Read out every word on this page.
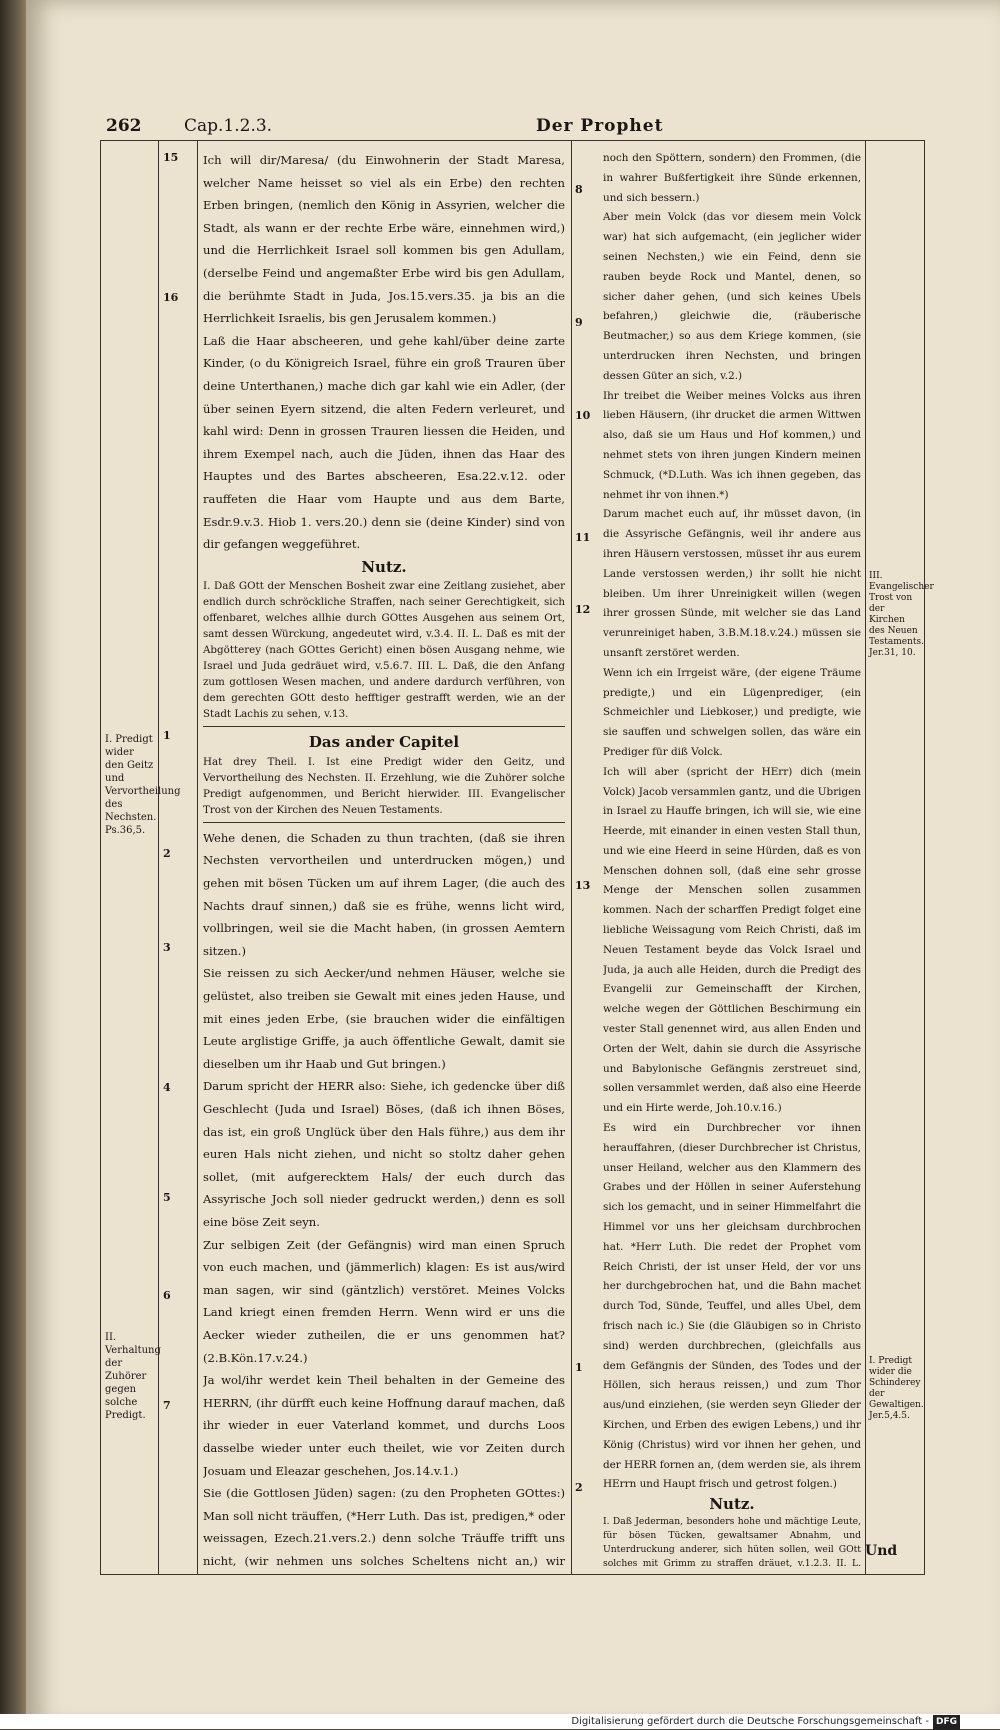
262	Cap.1.2.3.	Der Prophet
I. Predigt wider den Geitz und Vervortheilung des Nechsten. Ps.36,5.
II. Verhaltung der Zuhörer gegen solche Predigt.
III. Evangelischer Trost von der Kirchen des Neuen Testaments. Jer.31, 10.
I. Predigt wider die Schinderey der Gewaltigen. Jer.5,4.5.
15
16
1
2
3
4
5
6
7
8
9
10
11
12
13
1
2

Ich will dir/Maresa/ (du Einwohnerin der Stadt Maresa, welcher Name heisset so viel als ein Erbe) den rechten Erben bringen, (nemlich den König in Assyrien, welcher die Stadt, als wann er der rechte Erbe wäre, einnehmen wird,) und die Herrlichkeit Israel soll kommen bis gen Adullam, (derselbe Feind und angemaßter Erbe wird bis gen Adullam, die berühmte Stadt in Juda, Jos.15.vers.35. ja bis an die Herrlichkeit Israelis, bis gen Jerusalem kommen.)

Laß die Haar abscheeren, und gehe kahl/über deine zarte Kinder, (o du Königreich Israel, führe ein groß Trauren über deine Unterthanen,) mache dich gar kahl wie ein Adler, (der über seinen Eyern sitzend, die alten Federn verleuret, und kahl wird: Denn in grossen Trauren liessen die Heiden, und ihrem Exempel nach, auch die Jüden, ihnen das Haar des Hauptes und des Bartes abscheeren, Esa.22.v.12. oder rauffeten die Haar vom Haupte und aus dem Barte, Esdr.9.v.3. Hiob 1. vers.20.) denn sie (deine Kinder) sind von dir gefangen weggeführet.

Nutz.

I. Daß GOtt der Menschen Bosheit zwar eine Zeitlang zusiehet, aber endlich durch schröckliche Straffen, nach seiner Gerechtigkeit, sich offenbaret, welches allhie durch GOttes Ausgehen aus seinem Ort, samt dessen Würckung, angedeutet wird, v.3.4. II. L. Daß es mit der Abgötterey (nach GOttes Gericht) einen bösen Ausgang nehme, wie Israel und Juda gedräuet wird, v.5.6.7. III. L. Daß, die den Anfang zum gottlosen Wesen machen, und andere dardurch verführen, von dem gerechten GOtt desto hefftiger gestrafft werden, wie an der Stadt Lachis zu sehen, v.13.

Das ander Capitel

Hat drey Theil. I. Ist eine Predigt wider den Geitz, und Vervortheilung des Nechsten. II. Erzehlung, wie die Zuhörer solche Predigt aufgenommen, und Bericht hierwider. III. Evangelischer Trost von der Kirchen des Neuen Testaments.

Wehe denen, die Schaden zu thun trachten, (daß sie ihren Nechsten vervortheilen und unterdrucken mögen,) und gehen mit bösen Tücken um auf ihrem Lager, (die auch des Nachts drauf sinnen,) daß sie es frühe, wenns licht wird, vollbringen, weil sie die Macht haben, (in grossen Aemtern sitzen.)

Sie reissen zu sich Aecker/und nehmen Häuser, welche sie gelüstet, also treiben sie Gewalt mit eines jeden Hause, und mit eines jeden Erbe, (sie brauchen wider die einfältigen Leute arglistige Griffe, ja auch öffentliche Gewalt, damit sie dieselben um ihr Haab und Gut bringen.)

Darum spricht der HERR also: Siehe, ich gedencke über diß Geschlecht (Juda und Israel) Böses, (daß ich ihnen Böses, das ist, ein groß Unglück über den Hals führe,) aus dem ihr euren Hals nicht ziehen, und nicht so stoltz daher gehen sollet, (mit aufgerecktem Hals/ der euch durch das Assyrische Joch soll nieder gedruckt werden,) denn es soll eine böse Zeit seyn.

Zur selbigen Zeit (der Gefängnis) wird man einen Spruch von euch machen, und (jämmerlich) klagen: Es ist aus/wird man sagen, wir sind (gäntzlich) verstöret. Meines Volcks Land kriegt einen fremden Herrn. Wenn wird er uns die Aecker wieder zutheilen, die er uns genommen hat? (2.B.Kön.17.v.24.)

Ja wol/ihr werdet kein Theil behalten in der Gemeine des HERRN, (ihr dürfft euch keine Hoffnung darauf machen, daß ihr wieder in euer Vaterland kommet, und durchs Loos dasselbe wieder unter euch theilet, wie vor Zeiten durch Josuam und Eleazar geschehen, Jos.14.v.1.)

Sie (die Gottlosen Jüden) sagen: (zu den Propheten GOttes:) Man soll nicht träuffen, (*Herr Luth. Das ist, predigen,* oder weissagen, Ezech.21.vers.2.) denn solche Träuffe trifft uns nicht, (wir nehmen uns solches Scheltens nicht an,) wir

noch den Spöttern, sondern) den Frommen, (die in wahrer Bußfertigkeit ihre Sünde erkennen, und sich bessern.)

Aber mein Volck (das vor diesem mein Volck war) hat sich aufgemacht, (ein jeglicher wider seinen Nechsten,) wie ein Feind, denn sie rauben beyde Rock und Mantel, denen, so sicher daher gehen, (und sich keines Ubels befahren,) gleichwie die, (räuberische Beutmacher,) so aus dem Kriege kommen, (sie unterdrucken ihren Nechsten, und bringen dessen Güter an sich, v.2.)

Ihr treibet die Weiber meines Volcks aus ihren lieben Häusern, (ihr drucket die armen Wittwen also, daß sie um Haus und Hof kommen,) und nehmet stets von ihren jungen Kindern meinen Schmuck, (*D.Luth. Was ich ihnen gegeben, das nehmet ihr von ihnen.*)

Darum machet euch auf, ihr müsset davon, (in die Assyrische Gefängnis, weil ihr andere aus ihren Häusern verstossen, müsset ihr aus eurem Lande verstossen werden,) ihr sollt hie nicht bleiben. Um ihrer Unreinigkeit willen (wegen ihrer grossen Sünde, mit welcher sie das Land verunreiniget haben, 3.B.M.18.v.24.) müssen sie unsanft zerstöret werden.

Wenn ich ein Irrgeist wäre, (der eigene Träume predigte,) und ein Lügenprediger, (ein Schmeichler und Liebkoser,) und predigte, wie sie sauffen und schwelgen sollen, das wäre ein Prediger für diß Volck.

Ich will aber (spricht der HErr) dich (mein Volck) Jacob versammlen gantz, und die Ubrigen in Israel zu Hauffe bringen, ich will sie, wie eine Heerde, mit einander in einen vesten Stall thun, und wie eine Heerd in seine Hürden, daß es von Menschen dohnen soll, (daß eine sehr grosse Menge der Menschen sollen zusammen kommen. Nach der scharffen Predigt folget eine liebliche Weissagung vom Reich Christi, daß im Neuen Testament beyde das Volck Israel und Juda, ja auch alle Heiden, durch die Predigt des Evangelii zur Gemeinschafft der Kirchen, welche wegen der Göttlichen Beschirmung ein vester Stall genennet wird, aus allen Enden und Orten der Welt, dahin sie durch die Assyrische und Babylonische Gefängnis zerstreuet sind, sollen versammlet werden, daß also eine Heerde und ein Hirte werde, Joh.10.v.16.)

Es wird ein Durchbrecher vor ihnen herauffahren, (dieser Durchbrecher ist Christus, unser Heiland, welcher aus den Klammern des Grabes und der Höllen in seiner Auferstehung sich los gemacht, und in seiner Himmelfahrt die Himmel vor uns her gleichsam durchbrochen hat. *Herr Luth. Die redet der Prophet vom Reich Christi, der ist unser Held, der vor uns her durchgebrochen hat, und die Bahn machet durch Tod, Sünde, Teuffel, und alles Ubel, dem frisch nach ic.) Sie (die Gläubigen so in Christo sind) werden durchbrechen, (gleichfalls aus dem Gefängnis der Sünden, des Todes und der Höllen, sich heraus reissen,) und zum Thor aus/und einziehen, (sie werden seyn Glieder der Kirchen, und Erben des ewigen Lebens,) und ihr König (Christus) wird vor ihnen her gehen, und der HERR fornen an, (dem werden sie, als ihrem HErrn und Haupt frisch und getrost folgen.)

Nutz.

I. Daß Jederman, besonders hohe und mächtige Leute, für bösen Tücken, gewaltsamer Abnahm, und Unterdruckung anderer, sich hüten sollen, weil GOtt solches mit Grimm zu straffen dräuet, v.1.2.3. II. L.

Und
Digitalisierung gefördert durch die Deutsche Forschungsgemeinschaft - DFG
